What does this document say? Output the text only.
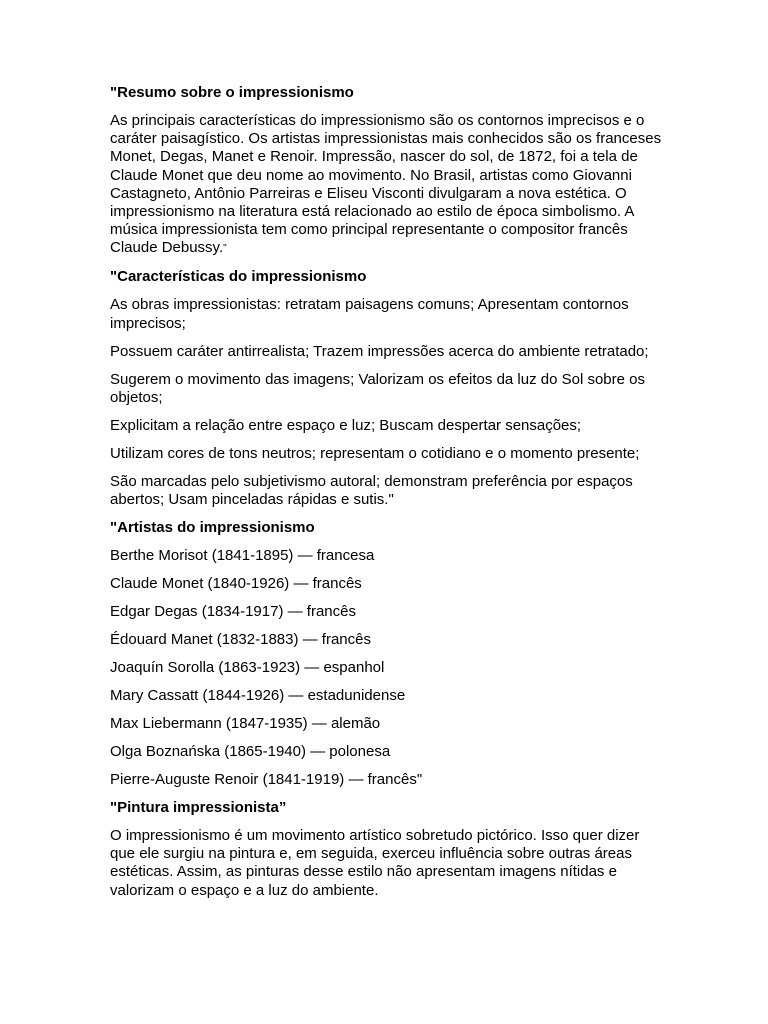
"Resumo sobre o impressionismo
As principais características do impressionismo são os contornos imprecisos e o caráter paisagístico. Os artistas impressionistas mais conhecidos são os franceses Monet, Degas, Manet e Renoir. Impressão, nascer do sol, de 1872, foi a tela de Claude Monet que deu nome ao movimento. No Brasil, artistas como Giovanni Castagneto, Antônio Parreiras e Eliseu Visconti divulgaram a nova estética. O impressionismo na literatura está relacionado ao estilo de época simbolismo. A música impressionista tem como principal representante o compositor francês Claude Debussy."
"Características do impressionismo
As obras impressionistas: retratam paisagens comuns; Apresentam contornos imprecisos;
Possuem caráter antirrealista; Trazem impressões acerca do ambiente retratado;
Sugerem o movimento das imagens; Valorizam os efeitos da luz do Sol sobre os objetos;
Explicitam a relação entre espaço e luz; Buscam despertar sensações;
Utilizam cores de tons neutros; representam o cotidiano e o momento presente;
São marcadas pelo subjetivismo autoral; demonstram preferência por espaços abertos; Usam pinceladas rápidas e sutis."
"Artistas do impressionismo
Berthe Morisot (1841-1895) — francesa
Claude Monet (1840-1926) — francês
Edgar Degas (1834-1917) — francês
Édouard Manet (1832-1883) — francês
Joaquín Sorolla (1863-1923) — espanhol
Mary Cassatt (1844-1926) — estadunidense
Max Liebermann (1847-1935) — alemão
Olga Boznańska (1865-1940) — polonesa
Pierre-Auguste Renoir (1841-1919) — francês"
"Pintura impressionista”
O impressionismo é um movimento artístico sobretudo pictórico. Isso quer dizer que ele surgiu na pintura e, em seguida, exerceu influência sobre outras áreas estéticas. Assim, as pinturas desse estilo não apresentam imagens nítidas e valorizam o espaço e a luz do ambiente.
